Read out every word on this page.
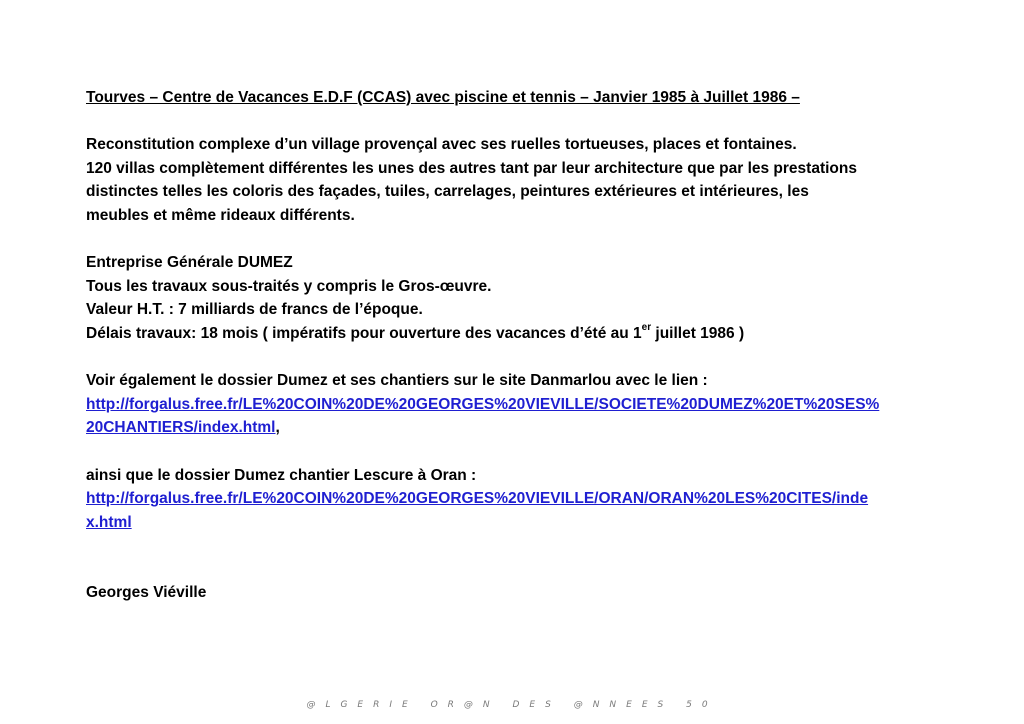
Tourves – Centre de Vacances E.D.F (CCAS) avec piscine et tennis – Janvier 1985 à Juillet 1986 –
Reconstitution complexe d’un village provençal avec ses ruelles tortueuses, places et fontaines.
120 villas complètement différentes les unes des autres tant par leur architecture que par les prestations
distinctes telles les coloris des façades, tuiles, carrelages, peintures extérieures et intérieures, les
meubles et même rideaux différents.
Entreprise Générale DUMEZ
Tous les travaux sous-traités y compris le Gros-œuvre.
Valeur H.T. : 7 milliards de francs de l’époque.
Délais travaux: 18 mois ( impératifs pour ouverture des vacances d’été au 1er juillet 1986 )
Voir également le dossier Dumez et ses chantiers sur le site Danmarlou avec le lien :
http://forgalus.free.fr/LE%20COIN%20DE%20GEORGES%20VIEVILLE/SOCIETE%20DUMEZ%20ET%20SES%
20CHANTIERS/index.html,
ainsi que le dossier Dumez chantier Lescure à Oran :
http://forgalus.free.fr/LE%20COIN%20DE%20GEORGES%20VIEVILLE/ORAN/ORAN%20LES%20CITES/inde
x.html
Georges Viéville
@LGERIE OR@N DES @NNEES 50
